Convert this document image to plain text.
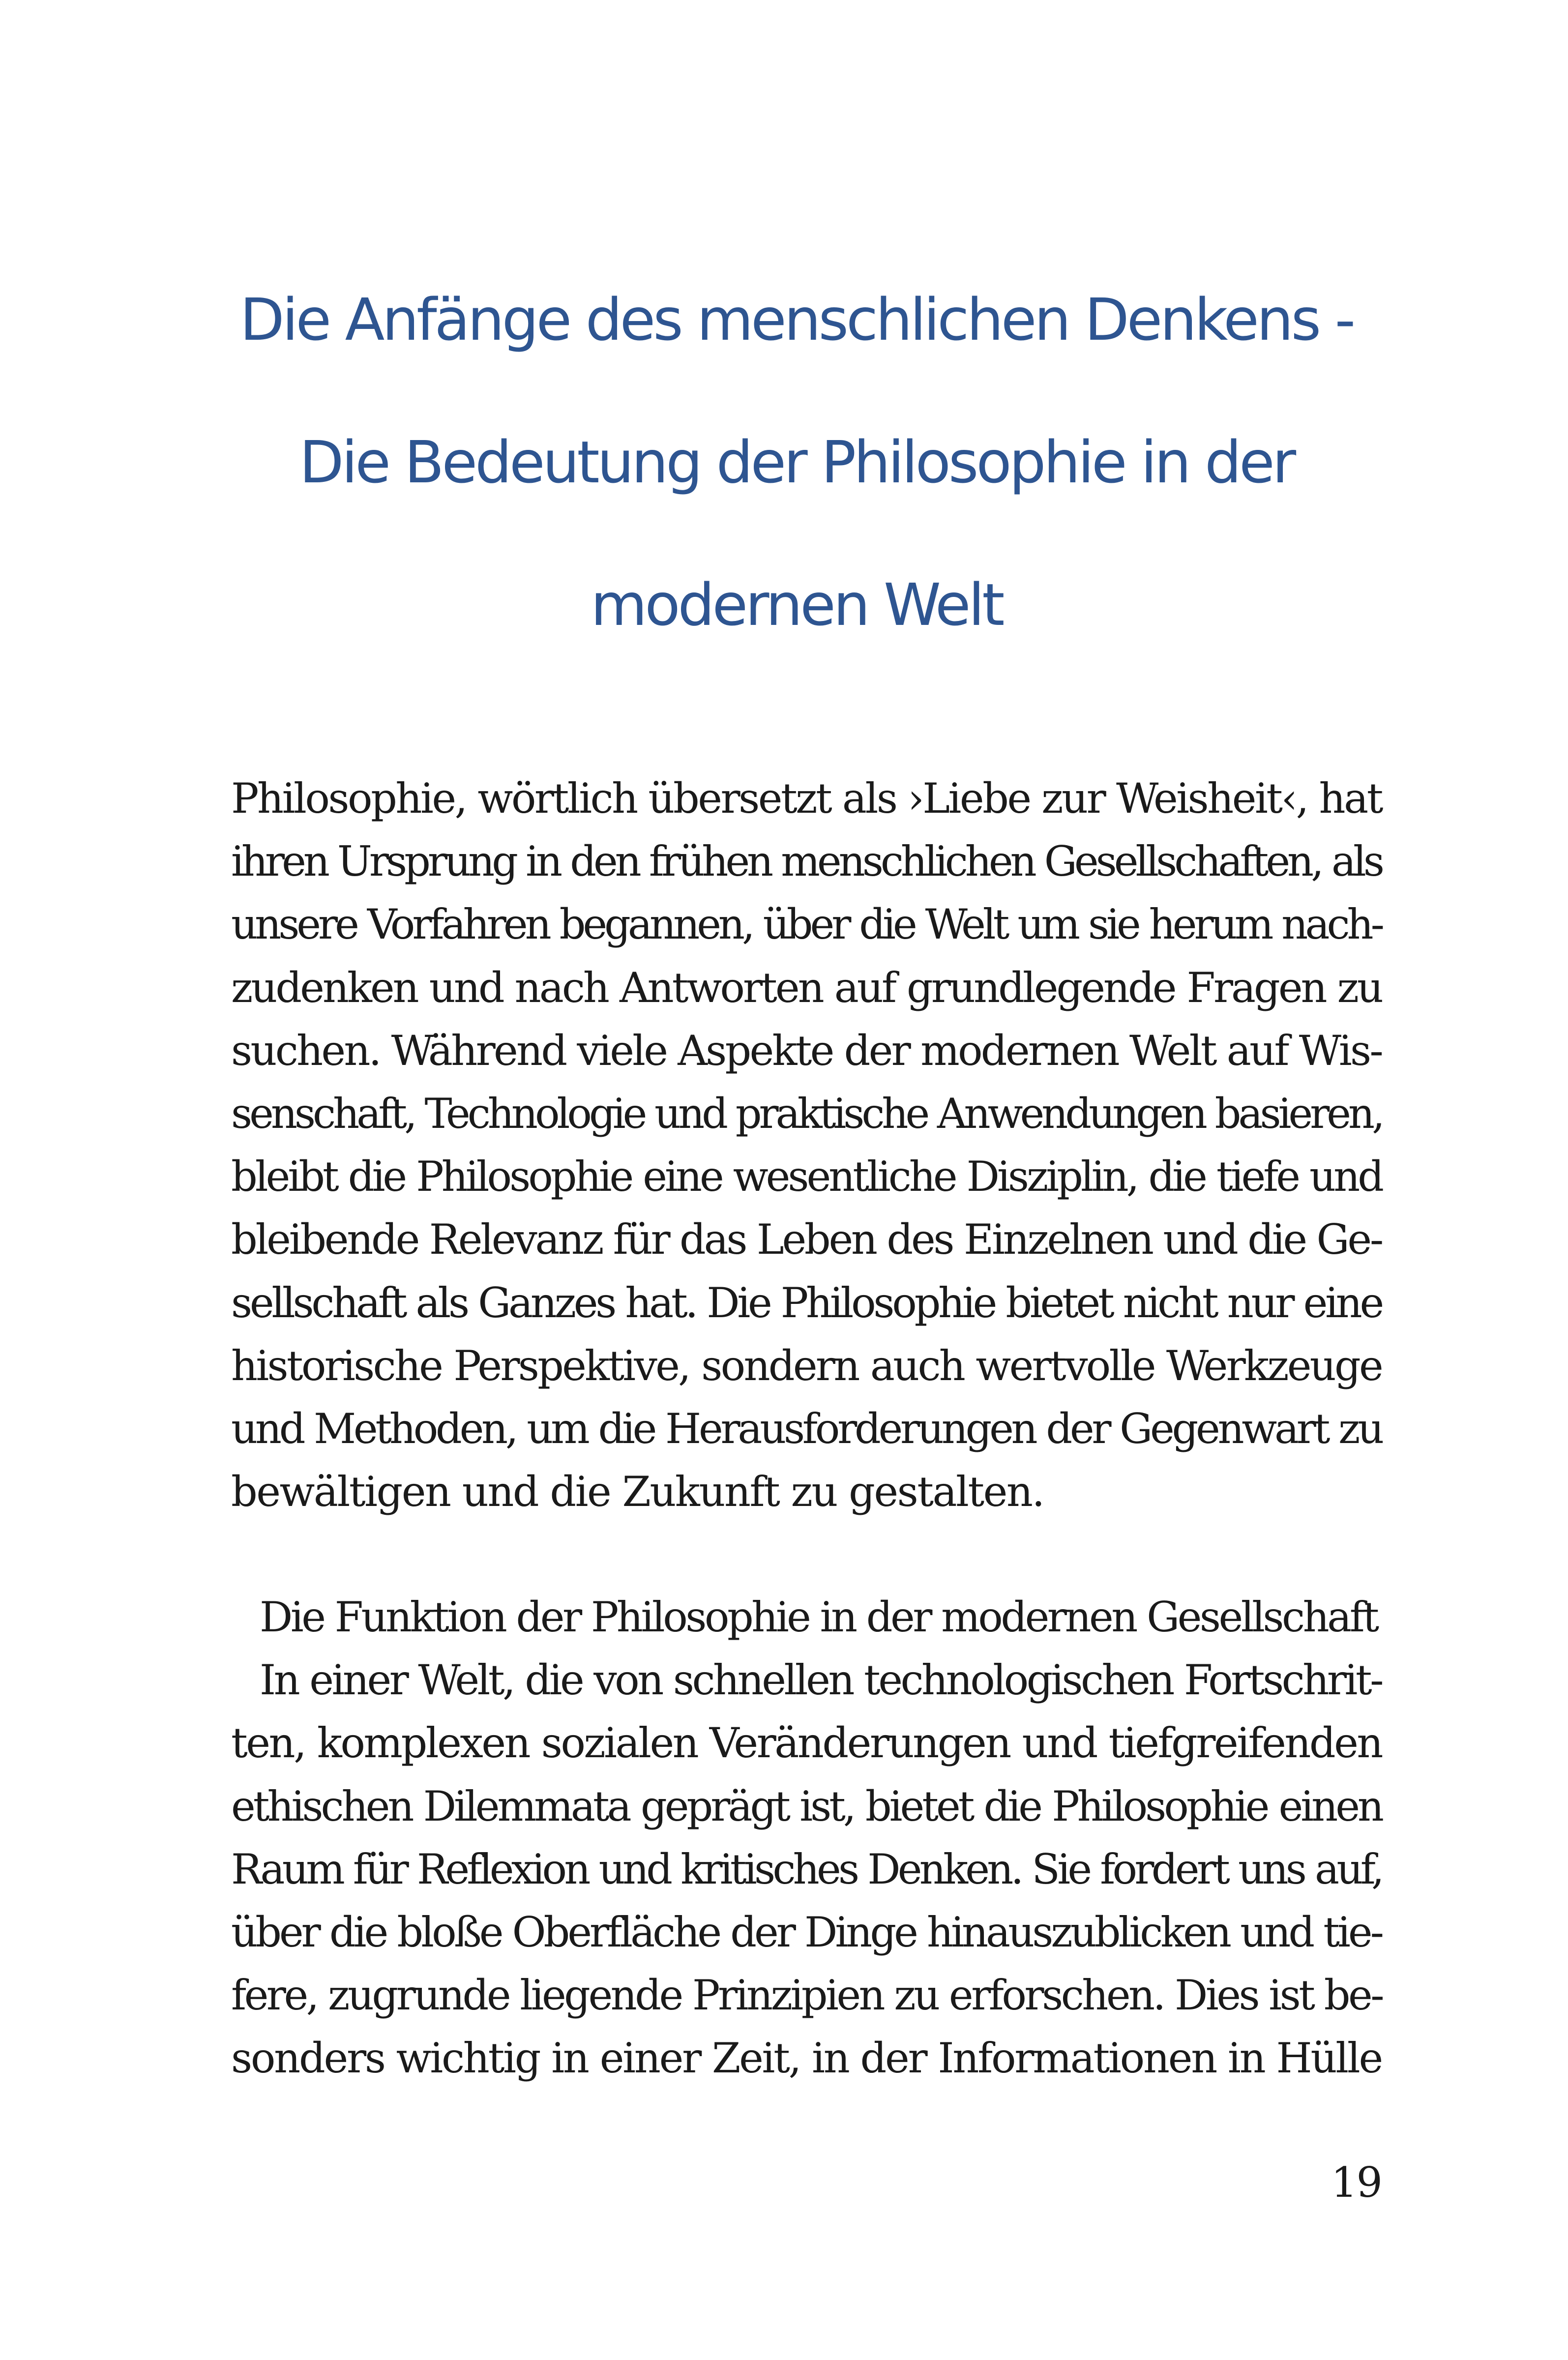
Die Anfänge des menschlichen Denkens -
Die Bedeutung der Philosophie in der
modernen Welt
Philosophie, wörtlich übersetzt als ›Liebe zur Weisheit‹, hat
ihren Ursprung in den frühen menschlichen Gesellschaften, als
unsere Vorfahren begannen, über die Welt um sie herum nach-
zudenken und nach Antworten auf grundlegende Fragen zu
suchen. Während viele Aspekte der modernen Welt auf Wis-
senschaft, Technologie und praktische Anwendungen basieren,
bleibt die Philosophie eine wesentliche Disziplin, die tiefe und
bleibende Relevanz für das Leben des Einzelnen und die Ge-
sellschaft als Ganzes hat. Die Philosophie bietet nicht nur eine
historische Perspektive, sondern auch wertvolle Werkzeuge
und Methoden, um die Herausforderungen der Gegenwart zu
bewältigen und die Zukunft zu gestalten.
Die Funktion der Philosophie in der modernen Gesellschaft
In einer Welt, die von schnellen technologischen Fortschrit-
ten, komplexen sozialen Veränderungen und tiefgreifenden
ethischen Dilemmata geprägt ist, bietet die Philosophie einen
Raum für Reflexion und kritisches Denken. Sie fordert uns auf,
über die bloße Oberfläche der Dinge hinauszublicken und tie-
fere, zugrunde liegende Prinzipien zu erforschen. Dies ist be-
sonders wichtig in einer Zeit, in der Informationen in Hülle
19
